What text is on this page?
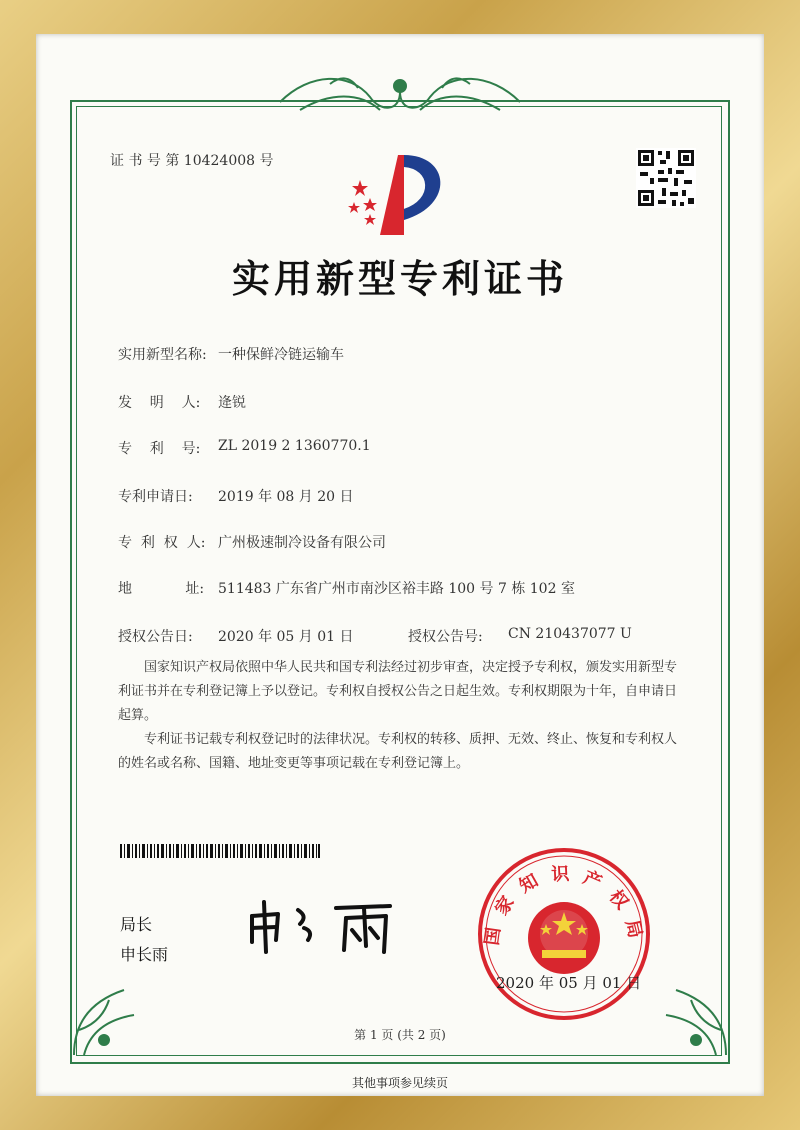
证 书 号 第 10424008 号
实用新型专利证书
实用新型名称: 一种保鲜冷链运输车
发    明    人: 逄锐
专    利    号: ZL 2019 2 1360770.1
专利申请日: 2019 年 08 月 20 日
专  利  权  人: 广州极速制冷设备有限公司
地            址: 511483 广东省广州市南沙区裕丰路 100 号 7 栋 102 室
授权公告日: 2020 年 05 月 01 日	授权公告号: CN 210437077 U
国家知识产权局依照中华人民共和国专利法经过初步审查，决定授予专利权，颁发实用新型专利证书并在专利登记簿上予以登记。专利权自授权公告之日起生效。专利权期限为十年，自申请日起算。
专利证书记载专利权登记时的法律状况。专利权的转移、质押、无效、终止、恢复和专利权人的姓名或名称、国籍、地址变更等事项记载在专利登记簿上。
局长
申长雨
国家知识产权局
2020 年 05 月 01 日
第 1 页 (共 2 页)
其他事项参见续页
